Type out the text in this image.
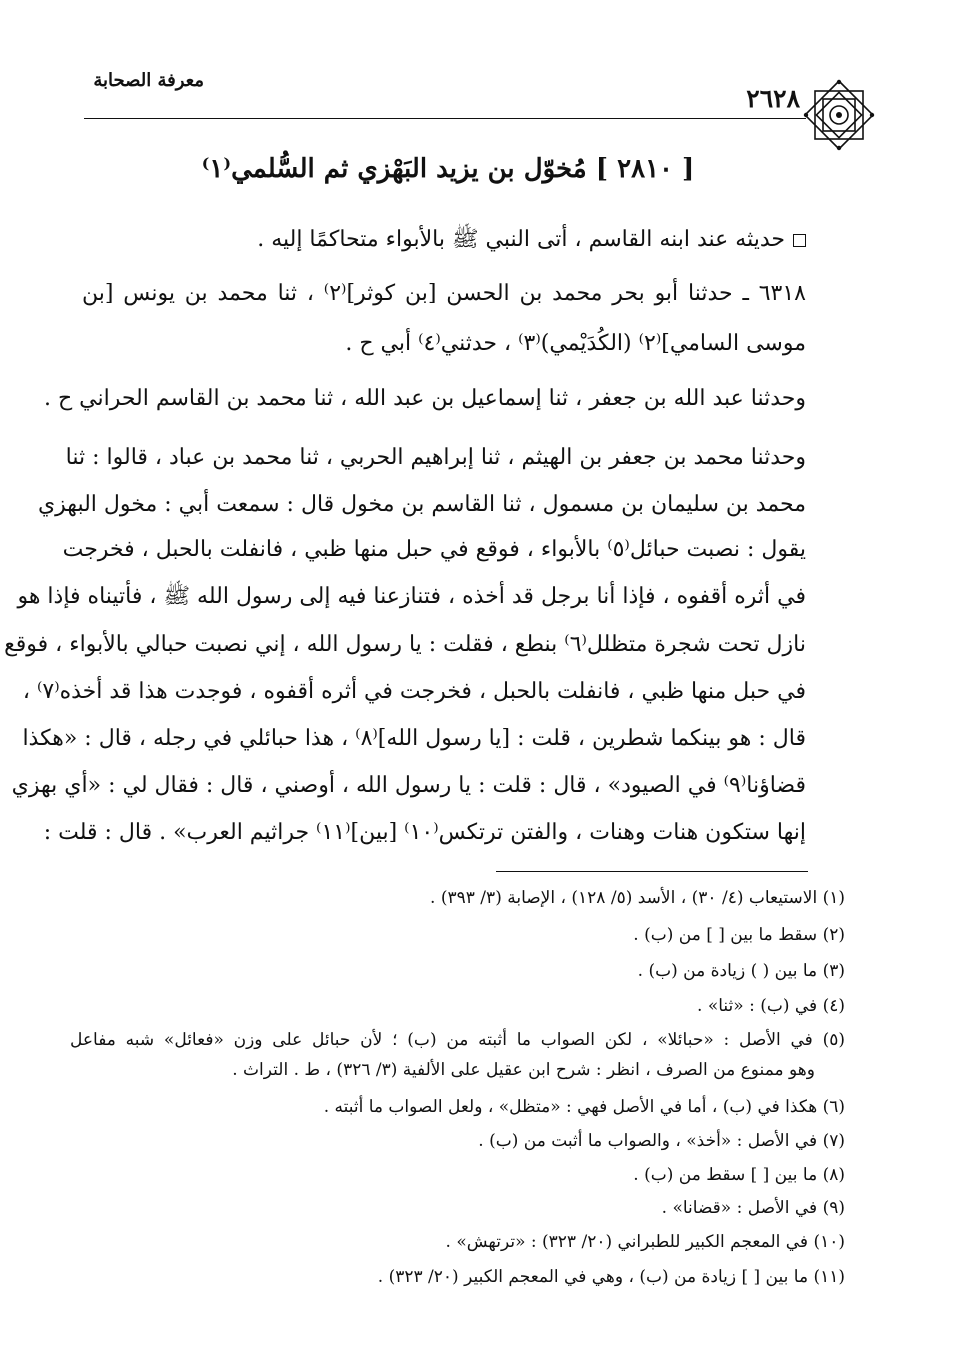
معرفة الصحابة
٢٦٢٨
[ ٢٨١٠ ] مُخوّل بن يزيد البَهْزي ثم السُّلمي⁽١⁾
حديثه عند ابنه القاسم ، أتى النبي ﷺ بالأبواء متحاكمًا إليه .
٦٣١٨ ـ حدثنا أبو بحر محمد بن الحسن [بن كوثر]⁽٢⁾ ، ثنا محمد بن يونس [بن
موسى السامي]⁽٢⁾ (الكُدَيْمي)⁽٣⁾ ، حدثني⁽٤⁾ أبي ح .
وحدثنا عبد الله بن جعفر ، ثنا إسماعيل بن عبد الله ، ثنا محمد بن القاسم الحراني ح .
وحدثنا محمد بن جعفر بن الهيثم ، ثنا إبراهيم الحربي ، ثنا محمد بن عباد ، قالوا : ثنا
محمد بن سليمان بن مسمول ، ثنا القاسم بن مخول قال : سمعت أبي : مخول البهزي
يقول : نصبت حبائل⁽٥⁾ بالأبواء ، فوقع في حبل منها ظبي ، فانفلت بالحبل ، فخرجت
في أثره أقفوه ، فإذا أنا برجل قد أخذه ، فتنازعنا فيه إلى رسول الله ﷺ ، فأتيناه فإذا هو
نازل تحت شجرة متظلل⁽٦⁾ بنطع ، فقلت : يا رسول الله ، إني نصبت حبالي بالأبواء ، فوقع
في حبل منها ظبي ، فانفلت بالحبل ، فخرجت في أثره أقفوه ، فوجدت هذا قد أخذه⁽٧⁾ ،
قال : هو بينكما شطرين ، قلت : [يا رسول الله]⁽٨⁾ ، هذا حبائلي في رجله ، قال : «هكذا
قضاؤنا⁽٩⁾ في الصيود» ، قال : قلت : يا رسول الله ، أوصني ، قال : فقال لي : «أي بهزي
إنها ستكون هنات وهنات ، والفتن ترتكس⁽١٠⁾ [بين]⁽١١⁾ جراثيم العرب» . قال : قلت :
(١) الاستيعاب (٤/ ٣٠) ، الأسد (٥/ ١٢٨) ، الإصابة (٣/ ٣٩٣) .
(٢) سقط ما بين [ ] من (ب) .
(٣) ما بين ( ) زيادة من (ب) .
(٤) في (ب) : «ثنا» .
(٥) في الأصل : «حبائلا» ، لكن الصواب ما أثبته من (ب) ؛ لأن حبائل على وزن «فعائل» شبه مفاعل
وهو ممنوع من الصرف ، انظر : شرح ابن عقيل على الألفية (٣/ ٣٢٦) ، ط . التراث .
(٦) هكذا في (ب) ، أما في الأصل فهي : «متظل» ، ولعل الصواب ما أثبته .
(٧) في الأصل : «أخذ» ، والصواب ما أثبت من (ب) .
(٨) ما بين [ ] سقط من (ب) .
(٩) في الأصل : «قضانا» .
(١٠) في المعجم الكبير للطبراني (٢٠/ ٣٢٣) : «ترتهش» .
(١١) ما بين [ ] زيادة من (ب) ، وهي في المعجم الكبير (٢٠/ ٣٢٣) .
